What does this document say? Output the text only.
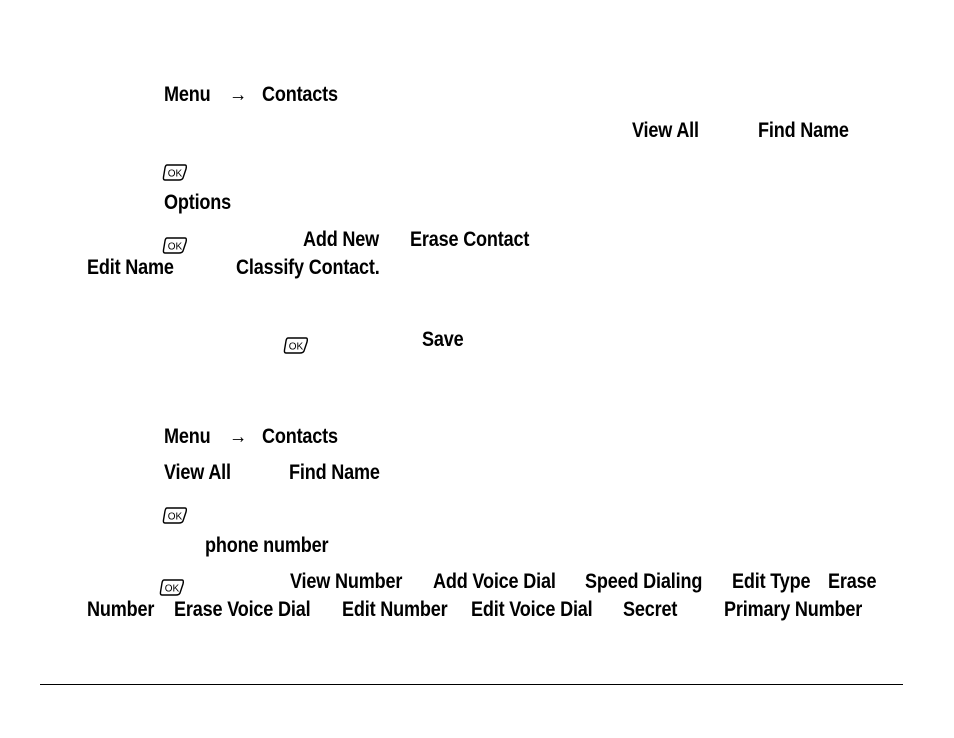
Menu → Contacts
View All	Find Name
OK
Options
OK	Add New Erase Contact
Edit Name	Classify Contact.
OK	Save
Menu → Contacts
View All	Find Name
OK
phone number
OK	View Number Add Voice Dial Speed Dialing Edit Type Erase
Number Erase Voice Dial Edit Number Edit Voice Dial Secret Primary Number
